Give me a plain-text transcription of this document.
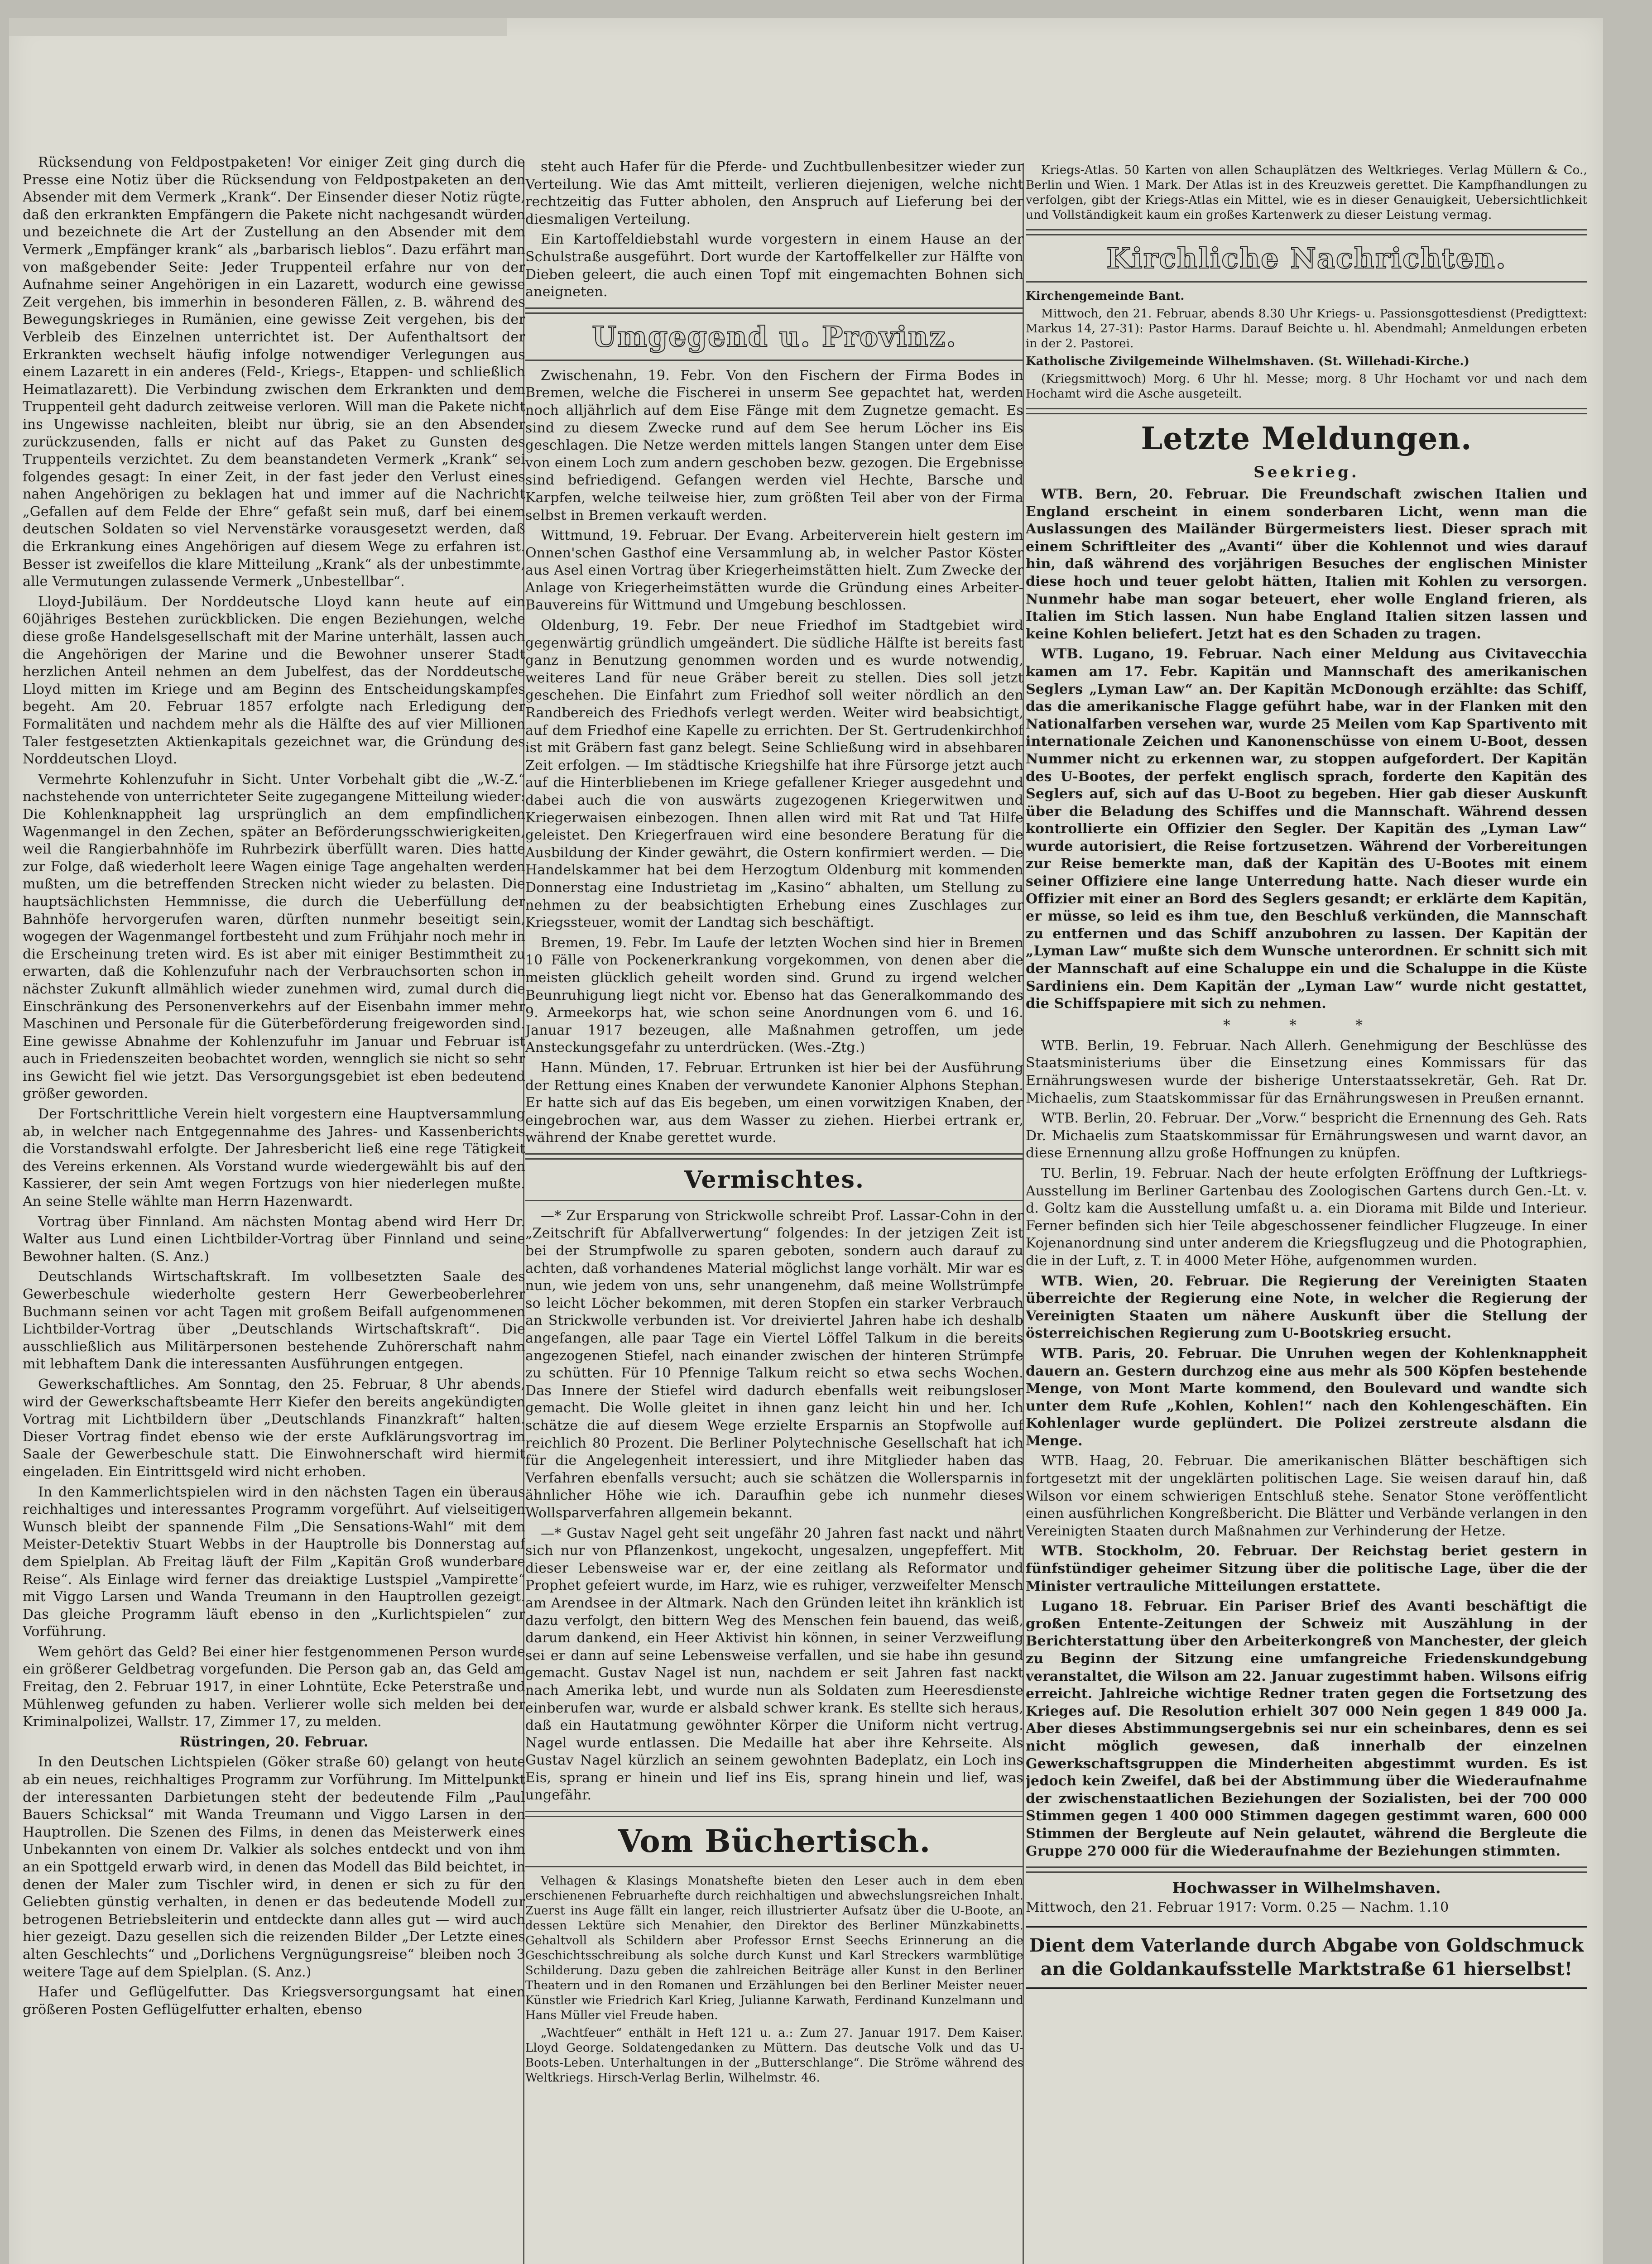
Rücksendung von Feldpostpaketen! Vor einiger Zeit ging durch die Presse eine Notiz über die Rücksendung von Feldpostpaketen an den Absender mit dem Vermerk „Krank“. Der Einsender dieser Notiz rügte, daß den erkrankten Empfängern die Pakete nicht nachgesandt würden und bezeichnete die Art der Zustellung an den Absender mit dem Vermerk „Empfänger krank“ als „barbarisch lieblos“. Dazu erfährt man von maßgebender Seite: Jeder Truppenteil erfahre nur von der Aufnahme seiner Angehörigen in ein Lazarett, wodurch eine gewisse Zeit vergehen, bis immerhin in besonderen Fällen, z. B. während des Bewegungskrieges in Rumänien, eine gewisse Zeit vergehen, bis der Verbleib des Einzelnen unterrichtet ist. Der Aufenthaltsort der Erkrankten wechselt häufig infolge notwendiger Verlegungen aus einem Lazarett in ein anderes (Feld-, Kriegs-, Etappen- und schließlich Heimatlazarett). Die Verbindung zwischen dem Erkrankten und dem Truppenteil geht dadurch zeitweise verloren. Will man die Pakete nicht ins Ungewisse nachleiten, bleibt nur übrig, sie an den Absender zurückzusenden, falls er nicht auf das Paket zu Gunsten des Truppenteils verzichtet. Zu dem beanstandeten Vermerk „Krank“ sei folgendes gesagt: In einer Zeit, in der fast jeder den Verlust eines nahen Angehörigen zu beklagen hat und immer auf die Nachricht „Gefallen auf dem Felde der Ehre“ gefaßt sein muß, darf bei einem deutschen Soldaten so viel Nervenstärke vorausgesetzt werden, daß die Erkrankung eines Angehörigen auf diesem Wege zu erfahren ist. Besser ist zweifellos die klare Mitteilung „Krank“ als der unbestimmte, alle Vermutungen zulassende Vermerk „Unbestellbar“.

Lloyd-Jubiläum. Der Norddeutsche Lloyd kann heute auf ein 60jähriges Bestehen zurückblicken. Die engen Beziehungen, welche diese große Handelsgesellschaft mit der Marine unterhält, lassen auch die Angehörigen der Marine und die Bewohner unserer Stadt herzlichen Anteil nehmen an dem Jubelfest, das der Norddeutsche Lloyd mitten im Kriege und am Beginn des Entscheidungskampfes begeht. Am 20. Februar 1857 erfolgte nach Erledigung der Formalitäten und nachdem mehr als die Hälfte des auf vier Millionen Taler festgesetzten Aktienkapitals gezeichnet war, die Gründung des Norddeutschen Lloyd.

Vermehrte Kohlenzufuhr in Sicht. Unter Vorbehalt gibt die „W.-Z.“ nachstehende von unterrichteter Seite zugegangene Mitteilung wieder: Die Kohlenknappheit lag ursprünglich an dem empfindlichen Wagenmangel in den Zechen, später an Beförderungsschwierigkeiten, weil die Rangierbahnhöfe im Ruhrbezirk überfüllt waren. Dies hatte zur Folge, daß wiederholt leere Wagen einige Tage angehalten werden mußten, um die betreffenden Strecken nicht wieder zu belasten. Die hauptsächlichsten Hemmnisse, die durch die Ueberfüllung der Bahnhöfe hervorgerufen waren, dürften nunmehr beseitigt sein, wogegen der Wagenmangel fortbesteht und zum Frühjahr noch mehr in die Erscheinung treten wird. Es ist aber mit einiger Bestimmtheit zu erwarten, daß die Kohlenzufuhr nach der Verbrauchsorten schon in nächster Zukunft allmählich wieder zunehmen wird, zumal durch die Einschränkung des Personenverkehrs auf der Eisenbahn immer mehr Maschinen und Personale für die Güterbeförderung freigeworden sind. Eine gewisse Abnahme der Kohlenzufuhr im Januar und Februar ist auch in Friedenszeiten beobachtet worden, wennglich sie nicht so sehr ins Gewicht fiel wie jetzt. Das Versorgungsgebiet ist eben bedeutend größer geworden.

Der Fortschrittliche Verein hielt vorgestern eine Hauptversammlung ab, in welcher nach Entgegennahme des Jahres- und Kassenberichts die Vorstandswahl erfolgte. Der Jahresbericht ließ eine rege Tätigkeit des Vereins erkennen. Als Vorstand wurde wiedergewählt bis auf den Kassierer, der sein Amt wegen Fortzugs von hier niederlegen mußte. An seine Stelle wählte man Herrn Hazenwardt.

Vortrag über Finnland. Am nächsten Montag abend wird Herr Dr. Walter aus Lund einen Lichtbilder-Vortrag über Finnland und seine Bewohner halten. (S. Anz.)

Deutschlands Wirtschaftskraft. Im vollbesetzten Saale des Gewerbeschule wiederholte gestern Herr Gewerbeoberlehrer Buchmann seinen vor acht Tagen mit großem Beifall aufgenommenen Lichtbilder-Vortrag über „Deutschlands Wirtschaftskraft“. Die ausschließlich aus Militärpersonen bestehende Zuhörerschaft nahm mit lebhaftem Dank die interessanten Ausführungen entgegen.

Gewerkschaftliches. Am Sonntag, den 25. Februar, 8 Uhr abends, wird der Gewerkschaftsbeamte Herr Kiefer den bereits angekündigten Vortrag mit Lichtbildern über „Deutschlands Finanzkraft“ halten. Dieser Vortrag findet ebenso wie der erste Aufklärungsvortrag im Saale der Gewerbeschule statt. Die Einwohnerschaft wird hiermit eingeladen. Ein Eintrittsgeld wird nicht erhoben.

In den Kammerlichtspielen wird in den nächsten Tagen ein überaus reichhaltiges und interessantes Programm vorgeführt. Auf vielseitigen Wunsch bleibt der spannende Film „Die Sensations-Wahl“ mit dem Meister-Detektiv Stuart Webbs in der Hauptrolle bis Donnerstag auf dem Spielplan. Ab Freitag läuft der Film „Kapitän Groß wunderbare Reise“. Als Einlage wird ferner das dreiaktige Lustspiel „Vampirette“ mit Viggo Larsen und Wanda Treumann in den Hauptrollen gezeigt. Das gleiche Programm läuft ebenso in den „Kurlichtspielen“ zur Vorführung.

Wem gehört das Geld? Bei einer hier festgenommenen Person wurde ein größerer Geldbetrag vorgefunden. Die Person gab an, das Geld am Freitag, den 2. Februar 1917, in einer Lohntüte, Ecke Peterstraße und Mühlenweg gefunden zu haben. Verlierer wolle sich melden bei der Kriminalpolizei, Wallstr. 17, Zimmer 17, zu melden.

Rüstringen, 20. Februar.

In den Deutschen Lichtspielen (Göker straße 60) gelangt von heute ab ein neues, reichhaltiges Programm zur Vorführung. Im Mittelpunkt der interessanten Darbietungen steht der bedeutende Film „Paul Bauers Schicksal“ mit Wanda Treumann und Viggo Larsen in den Hauptrollen. Die Szenen des Films, in denen das Meisterwerk eines Unbekannten von einem Dr. Valkier als solches entdeckt und von ihm an ein Spottgeld erwarb wird, in denen das Modell das Bild beichtet, in denen der Maler zum Tischler wird, in denen er sich zu für den Geliebten günstig verhalten, in denen er das bedeutende Modell zur betrogenen Betriebsleiterin und entdeckte dann alles gut — wird auch hier gezeigt. Dazu gesellen sich die reizenden Bilder „Der Letzte eines alten Geschlechts“ und „Dorlichens Vergnügungsreise“ bleiben noch 3 weitere Tage auf dem Spielplan. (S. Anz.)

Hafer und Geflügelfutter. Das Kriegsversorgungsamt hat einen größeren Posten Geflügelfutter erhalten, ebenso

steht auch Hafer für die Pferde- und Zuchtbullenbesitzer wieder zur Verteilung. Wie das Amt mitteilt, verlieren diejenigen, welche nicht rechtzeitig das Futter abholen, den Anspruch auf Lieferung bei der diesmaligen Verteilung.

Ein Kartoffeldiebstahl wurde vorgestern in einem Hause an der Schulstraße ausgeführt. Dort wurde der Kartoffelkeller zur Hälfte von Dieben geleert, die auch einen Topf mit eingemachten Bohnen sich aneigneten.

Umgegend u. Provinz.

Zwischenahn, 19. Febr. Von den Fischern der Firma Bodes in Bremen, welche die Fischerei in unserm See gepachtet hat, werden noch alljährlich auf dem Eise Fänge mit dem Zugnetze gemacht. Es sind zu diesem Zwecke rund auf dem See herum Löcher ins Eis geschlagen. Die Netze werden mittels langen Stangen unter dem Eise von einem Loch zum andern geschoben bezw. gezogen. Die Ergebnisse sind befriedigend. Gefangen werden viel Hechte, Barsche und Karpfen, welche teilweise hier, zum größten Teil aber von der Firma selbst in Bremen verkauft werden.

Wittmund, 19. Februar. Der Evang. Arbeiterverein hielt gestern im Onnen'schen Gasthof eine Versammlung ab, in welcher Pastor Köster aus Asel einen Vortrag über Kriegerheimstätten hielt. Zum Zwecke der Anlage von Kriegerheimstätten wurde die Gründung eines Arbeiter-Bauvereins für Wittmund und Umgebung beschlossen.

Oldenburg, 19. Febr. Der neue Friedhof im Stadtgebiet wird gegenwärtig gründlich umgeändert. Die südliche Hälfte ist bereits fast ganz in Benutzung genommen worden und es wurde notwendig, weiteres Land für neue Gräber bereit zu stellen. Dies soll jetzt geschehen. Die Einfahrt zum Friedhof soll weiter nördlich an den Randbereich des Friedhofs verlegt werden. Weiter wird beabsichtigt, auf dem Friedhof eine Kapelle zu errichten. Der St. Gertrudenkirchhof ist mit Gräbern fast ganz belegt. Seine Schließung wird in absehbarer Zeit erfolgen. — Im städtische Kriegshilfe hat ihre Fürsorge jetzt auch auf die Hinterbliebenen im Kriege gefallener Krieger ausgedehnt und dabei auch die von auswärts zugezogenen Kriegerwitwen und Kriegerwaisen einbezogen. Ihnen allen wird mit Rat und Tat Hilfe geleistet. Den Kriegerfrauen wird eine besondere Beratung für die Ausbildung der Kinder gewährt, die Ostern konfirmiert werden. — Die Handelskammer hat bei dem Herzogtum Oldenburg mit kommenden Donnerstag eine Industrietag im „Kasino“ abhalten, um Stellung zu nehmen zu der beabsichtigten Erhebung eines Zuschlages zur Kriegssteuer, womit der Landtag sich beschäftigt.

Bremen, 19. Febr. Im Laufe der letzten Wochen sind hier in Bremen 10 Fälle von Pockenerkrankung vorgekommen, von denen aber die meisten glücklich geheilt worden sind. Grund zu irgend welcher Beunruhigung liegt nicht vor. Ebenso hat das Generalkommando des 9. Armeekorps hat, wie schon seine Anordnungen vom 6. und 16. Januar 1917 bezeugen, alle Maßnahmen getroffen, um jede Ansteckungsgefahr zu unterdrücken. (Wes.-Ztg.)

Hann. Münden, 17. Februar. Ertrunken ist hier bei der Ausführung der Rettung eines Knaben der verwundete Kanonier Alphons Stephan. Er hatte sich auf das Eis begeben, um einen vorwitzigen Knaben, der eingebrochen war, aus dem Wasser zu ziehen. Hierbei ertrank er, während der Knabe gerettet wurde.

Vermischtes.

—* Zur Ersparung von Strickwolle schreibt Prof. Lassar-Cohn in der „Zeitschrift für Abfallverwertung“ folgendes: In der jetzigen Zeit ist bei der Strumpfwolle zu sparen geboten, sondern auch darauf zu achten, daß vorhandenes Material möglichst lange vorhält. Mir war es nun, wie jedem von uns, sehr unangenehm, daß meine Wollstrümpfe so leicht Löcher bekommen, mit deren Stopfen ein starker Verbrauch an Strickwolle verbunden ist. Vor dreiviertel Jahren habe ich deshalb angefangen, alle paar Tage ein Viertel Löffel Talkum in die bereits angezogenen Stiefel, nach einander zwischen der hinteren Strümpfe zu schütten. Für 10 Pfennige Talkum reicht so etwa sechs Wochen. Das Innere der Stiefel wird dadurch ebenfalls weit reibungsloser gemacht. Die Wolle gleitet in ihnen ganz leicht hin und her. Ich schätze die auf diesem Wege erzielte Ersparnis an Stopfwolle auf reichlich 80 Prozent. Die Berliner Polytechnische Gesellschaft hat ich für die Angelegenheit interessiert, und ihre Mitglieder haben das Verfahren ebenfalls versucht; auch sie schätzen die Wollersparnis in ähnlicher Höhe wie ich. Daraufhin gebe ich nunmehr dieses Wollsparverfahren allgemein bekannt.

—* Gustav Nagel geht seit ungefähr 20 Jahren fast nackt und nährt sich nur von Pflanzenkost, ungekocht, ungesalzen, ungepfeffert. Mit dieser Lebensweise war er, der eine zeitlang als Reformator und Prophet gefeiert wurde, im Harz, wie es ruhiger, verzweifelter Mensch am Arendsee in der Altmark. Nach den Gründen leitet ihn kränklich ist dazu verfolgt, den bittern Weg des Menschen fein bauend, das weiß, darum dankend, ein Heer Aktivist hin können, in seiner Verzweiflung sei er dann auf seine Lebensweise verfallen, und sie habe ihn gesund gemacht. Gustav Nagel ist nun, nachdem er seit Jahren fast nackt nach Amerika lebt, und wurde nun als Soldaten zum Heeresdienste einberufen war, wurde er alsbald schwer krank. Es stellte sich heraus, daß ein Hautatmung gewöhnter Körper die Uniform nicht vertrug. Nagel wurde entlassen. Die Medaille hat aber ihre Kehrseite. Als Gustav Nagel kürzlich an seinem gewohnten Badeplatz, ein Loch ins Eis, sprang er hinein und lief ins Eis, sprang hinein und lief, was ungefähr.

Vom Büchertisch.

Velhagen & Klasings Monatshefte bieten den Leser auch in dem eben erschienenen Februarhefte durch reichhaltigen und abwechslungsreichen Inhalt. Zuerst ins Auge fällt ein langer, reich illustrierter Aufsatz über die U-Boote, an dessen Lektüre sich Menahier, den Direktor des Berliner Münzkabinetts. Gehaltvoll als Schildern aber Professor Ernst Seechs Erinnerung an die Geschichtsschreibung als solche durch Kunst und Karl Streckers warmblütige Schilderung. Dazu geben die zahlreichen Beiträge aller Kunst in den Berliner Theatern und in den Romanen und Erzählungen bei den Berliner Meister neuer Künstler wie Friedrich Karl Krieg, Julianne Karwath, Ferdinand Kunzelmann und Hans Müller viel Freude haben.

„Wachtfeuer“ enthält in Heft 121 u. a.: Zum 27. Januar 1917. Dem Kaiser. Lloyd George. Soldatengedanken zu Müttern. Das deutsche Volk und das U-Boots-Leben. Unterhaltungen in der „Butterschlange“. Die Ströme während des Weltkriegs. Hirsch-Verlag Berlin, Wilhelmstr. 46.

Kriegs-Atlas. 50 Karten von allen Schauplätzen des Weltkrieges. Verlag Müllern & Co., Berlin und Wien. 1 Mark. Der Atlas ist in des Kreuzweis gerettet. Die Kampfhandlungen zu verfolgen, gibt der Kriegs-Atlas ein Mittel, wie es in dieser Genauigkeit, Uebersichtlichkeit und Vollständigkeit kaum ein großes Kartenwerk zu dieser Leistung vermag.

Kirchliche Nachrichten.

Kirchengemeinde Bant.

Mittwoch, den 21. Februar, abends 8.30 Uhr Kriegs- u. Passionsgottesdienst (Predigttext: Markus 14, 27-31): Pastor Harms. Darauf Beichte u. hl. Abendmahl; Anmeldungen erbeten in der 2. Pastorei.

Katholische Zivilgemeinde Wilhelmshaven. (St. Willehadi-Kirche.)

(Kriegsmittwoch) Morg. 6 Uhr hl. Messe; morg. 8 Uhr Hochamt vor und nach dem Hochamt wird die Asche ausgeteilt.

Letzte Meldungen.
Seekrieg.

WTB. Bern, 20. Februar. Die Freundschaft zwischen Italien und England erscheint in einem sonderbaren Licht, wenn man die Auslassungen des Mailänder Bürgermeisters liest. Dieser sprach mit einem Schriftleiter des „Avanti“ über die Kohlennot und wies darauf hin, daß während des vorjährigen Besuches der englischen Minister diese hoch und teuer gelobt hätten, Italien mit Kohlen zu versorgen. Nunmehr habe man sogar beteuert, eher wolle England frieren, als Italien im Stich lassen. Nun habe England Italien sitzen lassen und keine Kohlen beliefert. Jetzt hat es den Schaden zu tragen.

WTB. Lugano, 19. Februar. Nach einer Meldung aus Civitavecchia kamen am 17. Febr. Kapitän und Mannschaft des amerikanischen Seglers „Lyman Law“ an. Der Kapitän McDonough erzählte: das Schiff, das die amerikanische Flagge geführt habe, war in der Flanken mit den Nationalfarben versehen war, wurde 25 Meilen vom Kap Spartivento mit internationale Zeichen und Kanonenschüsse von einem U-Boot, dessen Nummer nicht zu erkennen war, zu stoppen aufgefordert. Der Kapitän des U-Bootes, der perfekt englisch sprach, forderte den Kapitän des Seglers auf, sich auf das U-Boot zu begeben. Hier gab dieser Auskunft über die Beladung des Schiffes und die Mannschaft. Während dessen kontrollierte ein Offizier den Segler. Der Kapitän des „Lyman Law“ wurde autorisiert, die Reise fortzusetzen. Während der Vorbereitungen zur Reise bemerkte man, daß der Kapitän des U-Bootes mit einem seiner Offiziere eine lange Unterredung hatte. Nach dieser wurde ein Offizier mit einer an Bord des Seglers gesandt; er erklärte dem Kapitän, er müsse, so leid es ihm tue, den Beschluß verkünden, die Mannschaft zu entfernen und das Schiff anzubohren zu lassen. Der Kapitän der „Lyman Law“ mußte sich dem Wunsche unterordnen. Er schnitt sich mit der Mannschaft auf eine Schaluppe ein und die Schaluppe in die Küste Sardiniens ein. Dem Kapitän der „Lyman Law“ wurde nicht gestattet, die Schiffspapiere mit sich zu nehmen.

* * *

WTB. Berlin, 19. Februar. Nach Allerh. Genehmigung der Beschlüsse des Staatsministeriums über die Einsetzung eines Kommissars für das Ernährungswesen wurde der bisherige Unterstaatssekretär, Geh. Rat Dr. Michaelis, zum Staatskommissar für das Ernährungswesen in Preußen ernannt.

WTB. Berlin, 20. Februar. Der „Vorw.“ bespricht die Ernennung des Geh. Rats Dr. Michaelis zum Staatskommissar für Ernährungswesen und warnt davor, an diese Ernennung allzu große Hoffnungen zu knüpfen.

TU. Berlin, 19. Februar. Nach der heute erfolgten Eröffnung der Luftkriegs-Ausstellung im Berliner Gartenbau des Zoologischen Gartens durch Gen.-Lt. v. d. Goltz kam die Ausstellung umfaßt u. a. ein Diorama mit Bilde und Interieur. Ferner befinden sich hier Teile abgeschossener feindlicher Flugzeuge. In einer Kojenanordnung sind unter anderem die Kriegsflugzeug und die Photographien, die in der Luft, z. T. in 4000 Meter Höhe, aufgenommen wurden.

WTB. Wien, 20. Februar. Die Regierung der Vereinigten Staaten überreichte der Regierung eine Note, in welcher die Regierung der Vereinigten Staaten um nähere Auskunft über die Stellung der österreichischen Regierung zum U-Bootskrieg ersucht.

WTB. Paris, 20. Februar. Die Unruhen wegen der Kohlenknappheit dauern an. Gestern durchzog eine aus mehr als 500 Köpfen bestehende Menge, von Mont Marte kommend, den Boulevard und wandte sich unter dem Rufe „Kohlen, Kohlen!“ nach den Kohlengeschäften. Ein Kohlenlager wurde geplündert. Die Polizei zerstreute alsdann die Menge.

WTB. Haag, 20. Februar. Die amerikanischen Blätter beschäftigen sich fortgesetzt mit der ungeklärten politischen Lage. Sie weisen darauf hin, daß Wilson vor einem schwierigen Entschluß stehe. Senator Stone veröffentlicht einen ausführlichen Kongreßbericht. Die Blätter und Verbände verlangen in den Vereinigten Staaten durch Maßnahmen zur Verhinderung der Hetze.

WTB. Stockholm, 20. Februar. Der Reichstag beriet gestern in fünfstündiger geheimer Sitzung über die politische Lage, über die der Minister vertrauliche Mitteilungen erstattete.

Lugano 18. Februar. Ein Pariser Brief des Avanti beschäftigt die großen Entente-Zeitungen der Schweiz mit Auszählung in der Berichterstattung über den Arbeiterkongreß von Manchester, der gleich zu Beginn der Sitzung eine umfangreiche Friedenskundgebung veranstaltet, die Wilson am 22. Januar zugestimmt haben. Wilsons eifrig erreicht. Jahlreiche wichtige Redner traten gegen die Fortsetzung des Krieges auf. Die Resolution erhielt 307 000 Nein gegen 1 849 000 Ja. Aber dieses Abstimmungsergebnis sei nur ein scheinbares, denn es sei nicht möglich gewesen, daß innerhalb der einzelnen Gewerkschaftsgruppen die Minderheiten abgestimmt wurden. Es ist jedoch kein Zweifel, daß bei der Abstimmung über die Wiederaufnahme der zwischenstaatlichen Beziehungen der Sozialisten, bei der 700 000 Stimmen gegen 1 400 000 Stimmen dagegen gestimmt waren, 600 000 Stimmen der Bergleute auf Nein gelautet, während die Bergleute die Gruppe 270 000 für die Wiederaufnahme der Beziehungen stimmten.

Hochwasser in Wilhelmshaven.

Mittwoch, den 21. Februar 1917: Vorm. 0.25 — Nachm. 1.10

Dient dem Vaterlande durch Abgabe von Goldschmuck an die Goldankaufsstelle Marktstraße 61 hierselbst!
